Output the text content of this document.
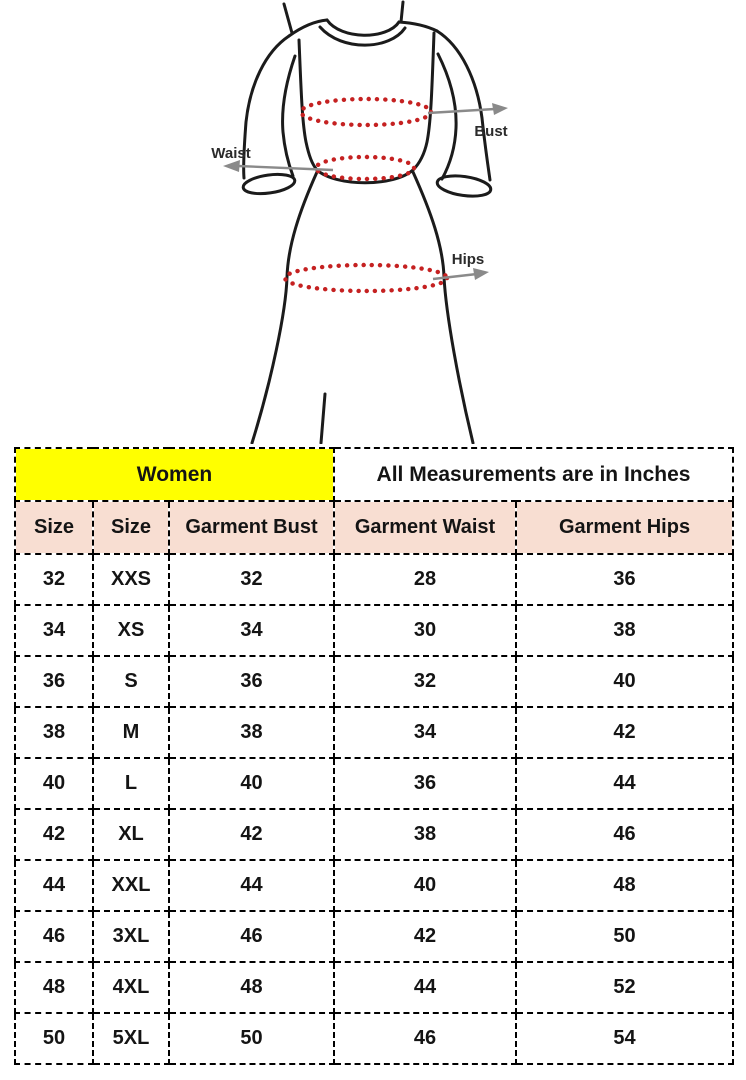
Bust
Waist
Hips
Women			All Measurements are in Inches	
Size	Size	Garment Bust	Garment Waist	Garment Hips
32	XXS	32	28	36
34	XS	34	30	38
36	S	36	32	40
38	M	38	34	42
40	L	40	36	44
42	XL	42	38	46
44	XXL	44	40	48
46	3XL	46	42	50
48	4XL	48	44	52
50	5XL	50	46	54
